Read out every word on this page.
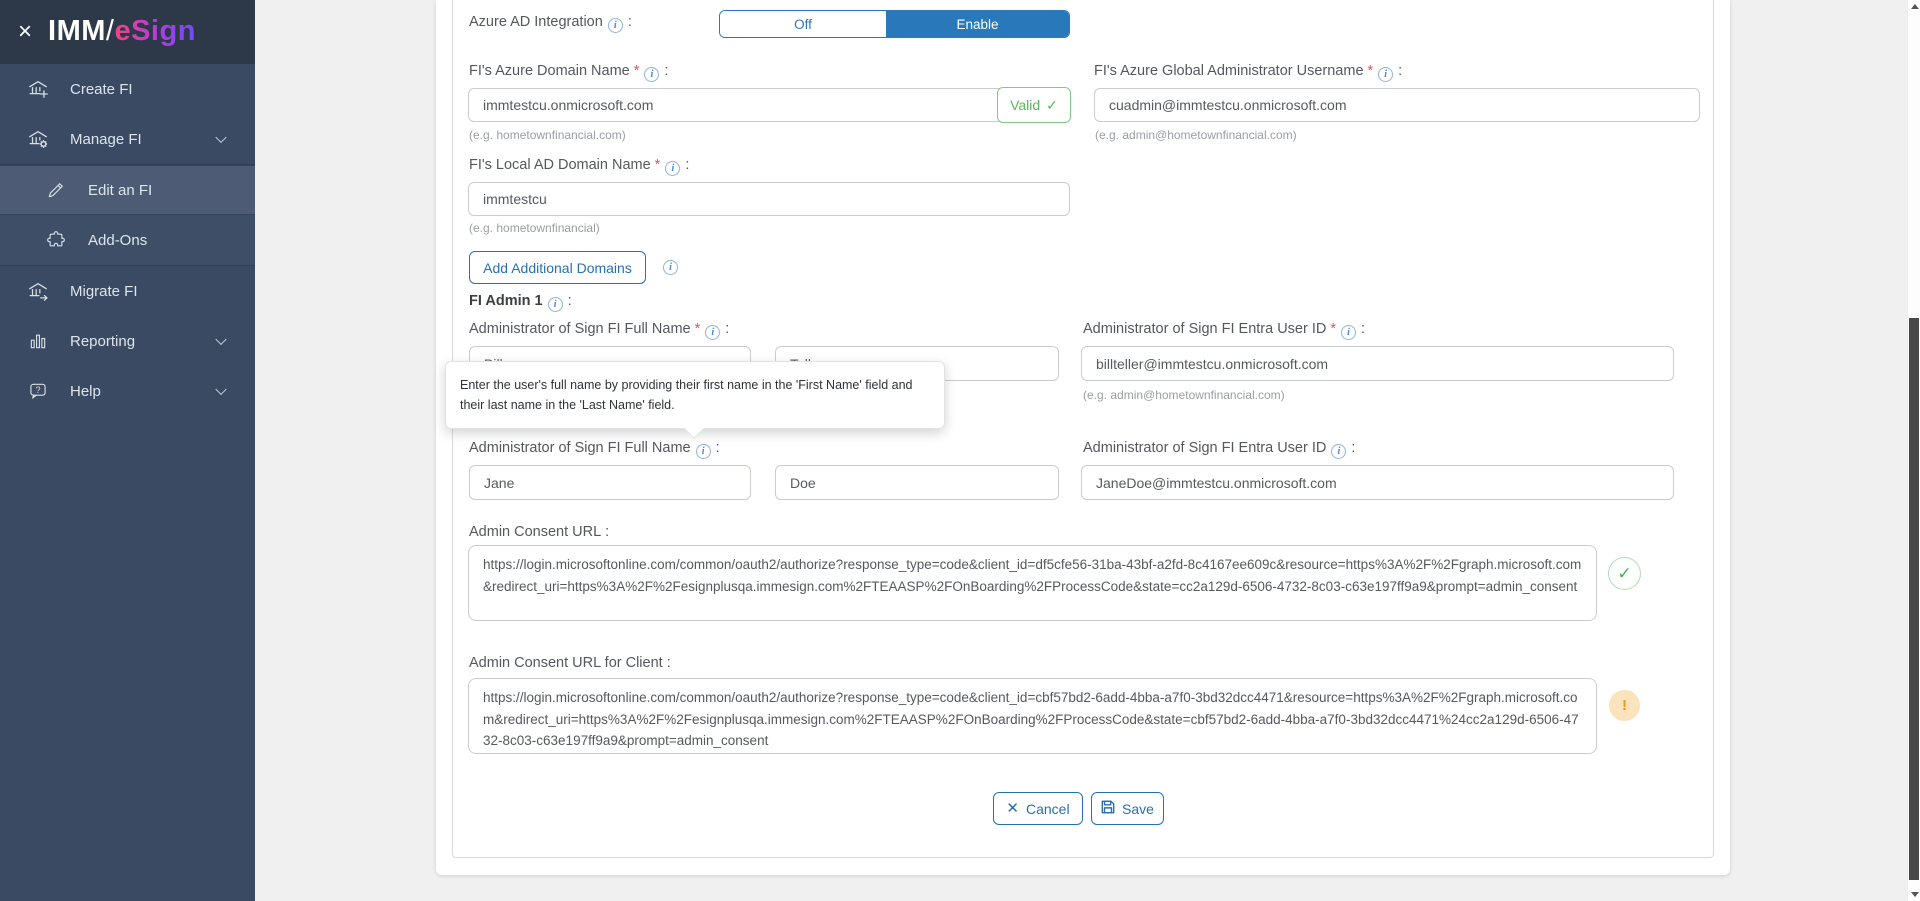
× IMM/eSign
Create FI
Manage FI
Edit an FI
Add-Ons
Migrate FI
Reporting
? Help
Azure AD Integration i :	Off	Enable
FI's Azure Domain Name * i :
immtestcu.onmicrosoft.com
Valid ✓
(e.g. hometownfinancial.com)
FI's Azure Global Administrator Username * i :
cuadmin@immtestcu.onmicrosoft.com
(e.g. admin@hometownfinancial.com)
FI's Local AD Domain Name * i :
immtestcu
(e.g. hometownfinancial)
Add Additional Domains	i
FI Admin 1 i :
Administrator of Sign FI Full Name * i :
Bill
Teller	Administrator of Sign FI Entra User ID * i :
billteller@immtestcu.onmicrosoft.com
(e.g. admin@hometownfinancial.com)
Enter the user's full name by providing their first name in the 'First Name' field and their last name in the 'Last Name' field.
Administrator of Sign FI Full Name i :
Jane
Doe	Administrator of Sign FI Entra User ID i :
JaneDoe@immtestcu.onmicrosoft.com
Admin Consent URL :
https://login.microsoftonline.com/common/oauth2/authorize?response_type=code&client_id=df5cfe56-31ba-43bf-a2fd-8c4167ee609c&resource=https%3A%2F%2Fgraph.microsoft.com&redirect_uri=https%3A%2F%2Fesignplusqa.immesign.com%2FTEAASP%2FOnBoarding%2FProcessCode&state=cc2a129d-6506-4732-8c03-c63e197ff9a9&prompt=admin_consent
✓
Admin Consent URL for Client :
https://login.microsoftonline.com/common/oauth2/authorize?response_type=code&client_id=cbf57bd2-6add-4bba-a7f0-3bd32dcc4471&resource=https%3A%2F%2Fgraph.microsoft.com&redirect_uri=https%3A%2F%2Fesignplusqa.immesign.com%2FTEAASP%2FOnBoarding%2FProcessCode&state=cbf57bd2-6add-4bba-a7f0-3bd32dcc4471%24cc2a129d-6506-4732-8c03-c63e197ff9a9&prompt=admin_consent
!
✕ Cancel	Save
